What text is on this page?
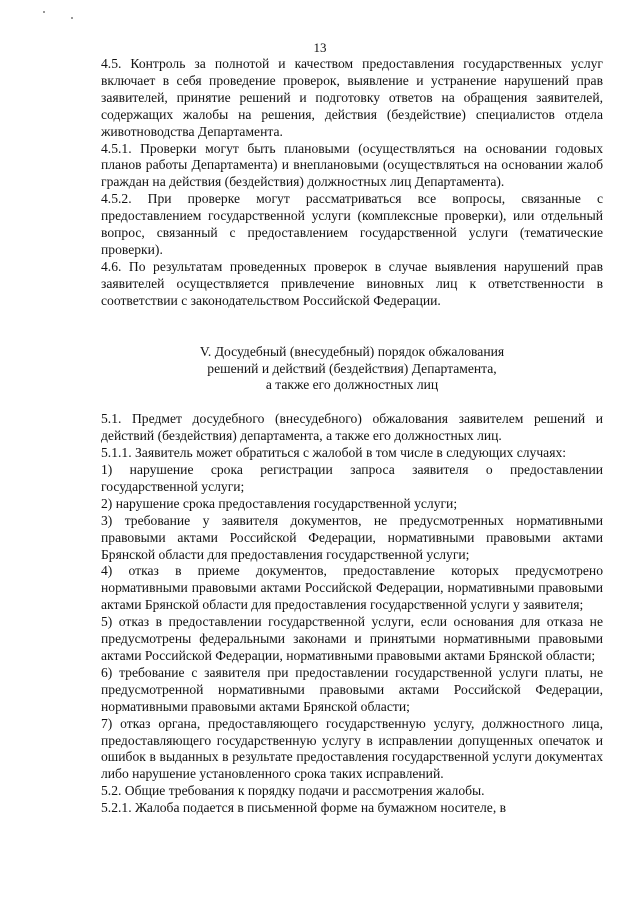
13

4.5. Контроль за полнотой и качеством предоставления государственных услуг включает в себя проведение проверок, выявление и устранение нарушений прав заявителей, принятие решений и подготовку ответов на обращения заявителей, содержащих жалобы на решения, действия (бездействие) специалистов отдела животноводства Департамента.

4.5.1. Проверки могут быть плановыми (осуществляться на основании годовых планов работы Департамента) и внеплановыми (осуществляться на основании жалоб граждан на действия (бездействия) должностных лиц Департамента).

4.5.2. При проверке могут рассматриваться все вопросы, связанные с предоставлением государственной услуги (комплексные проверки), или отдельный вопрос, связанный с предоставлением государственной услуги (тематические проверки).

4.6. По результатам проведенных проверок в случае выявления нарушений прав заявителей осуществляется привлечение виновных лиц к ответственности в соответствии с законодательством Российской Федерации.

V. Досудебный (внесудебный) порядок обжалования

решений и действий (бездействия) Департамента,

а также его должностных лиц

5.1. Предмет досудебного (внесудебного) обжалования заявителем решений и действий (бездействия) департамента, а также его должностных лиц.

5.1.1. Заявитель может обратиться с жалобой в том числе в следующих случаях:

1) нарушение срока регистрации запроса заявителя о предоставлении государственной услуги;

2) нарушение срока предоставления государственной услуги;

3) требование у заявителя документов, не предусмотренных нормативными правовыми актами Российской Федерации, нормативными правовыми актами Брянской области для предоставления государственной услуги;

4) отказ в приеме документов, предоставление которых предусмотрено нормативными правовыми актами Российской Федерации, нормативными правовыми актами Брянской области для предоставления государственной услуги у заявителя;

5) отказ в предоставлении государственной услуги, если основания для отказа не предусмотрены федеральными законами и принятыми нормативными правовыми актами Российской Федерации, нормативными правовыми актами Брянской области;

6) требование с заявителя при предоставлении государственной услуги платы, не предусмотренной нормативными правовыми актами Российской Федерации, нормативными правовыми актами Брянской области;

7) отказ органа, предоставляющего государственную услугу, должностного лица, предоставляющего государственную услугу в исправлении допущенных опечаток и ошибок в выданных в результате предоставления государственной услуги документах либо нарушение установленного срока таких исправлений.

5.2. Общие требования к порядку подачи и рассмотрения жалобы.

5.2.1. Жалоба подается в письменной форме на бумажном носителе, в
